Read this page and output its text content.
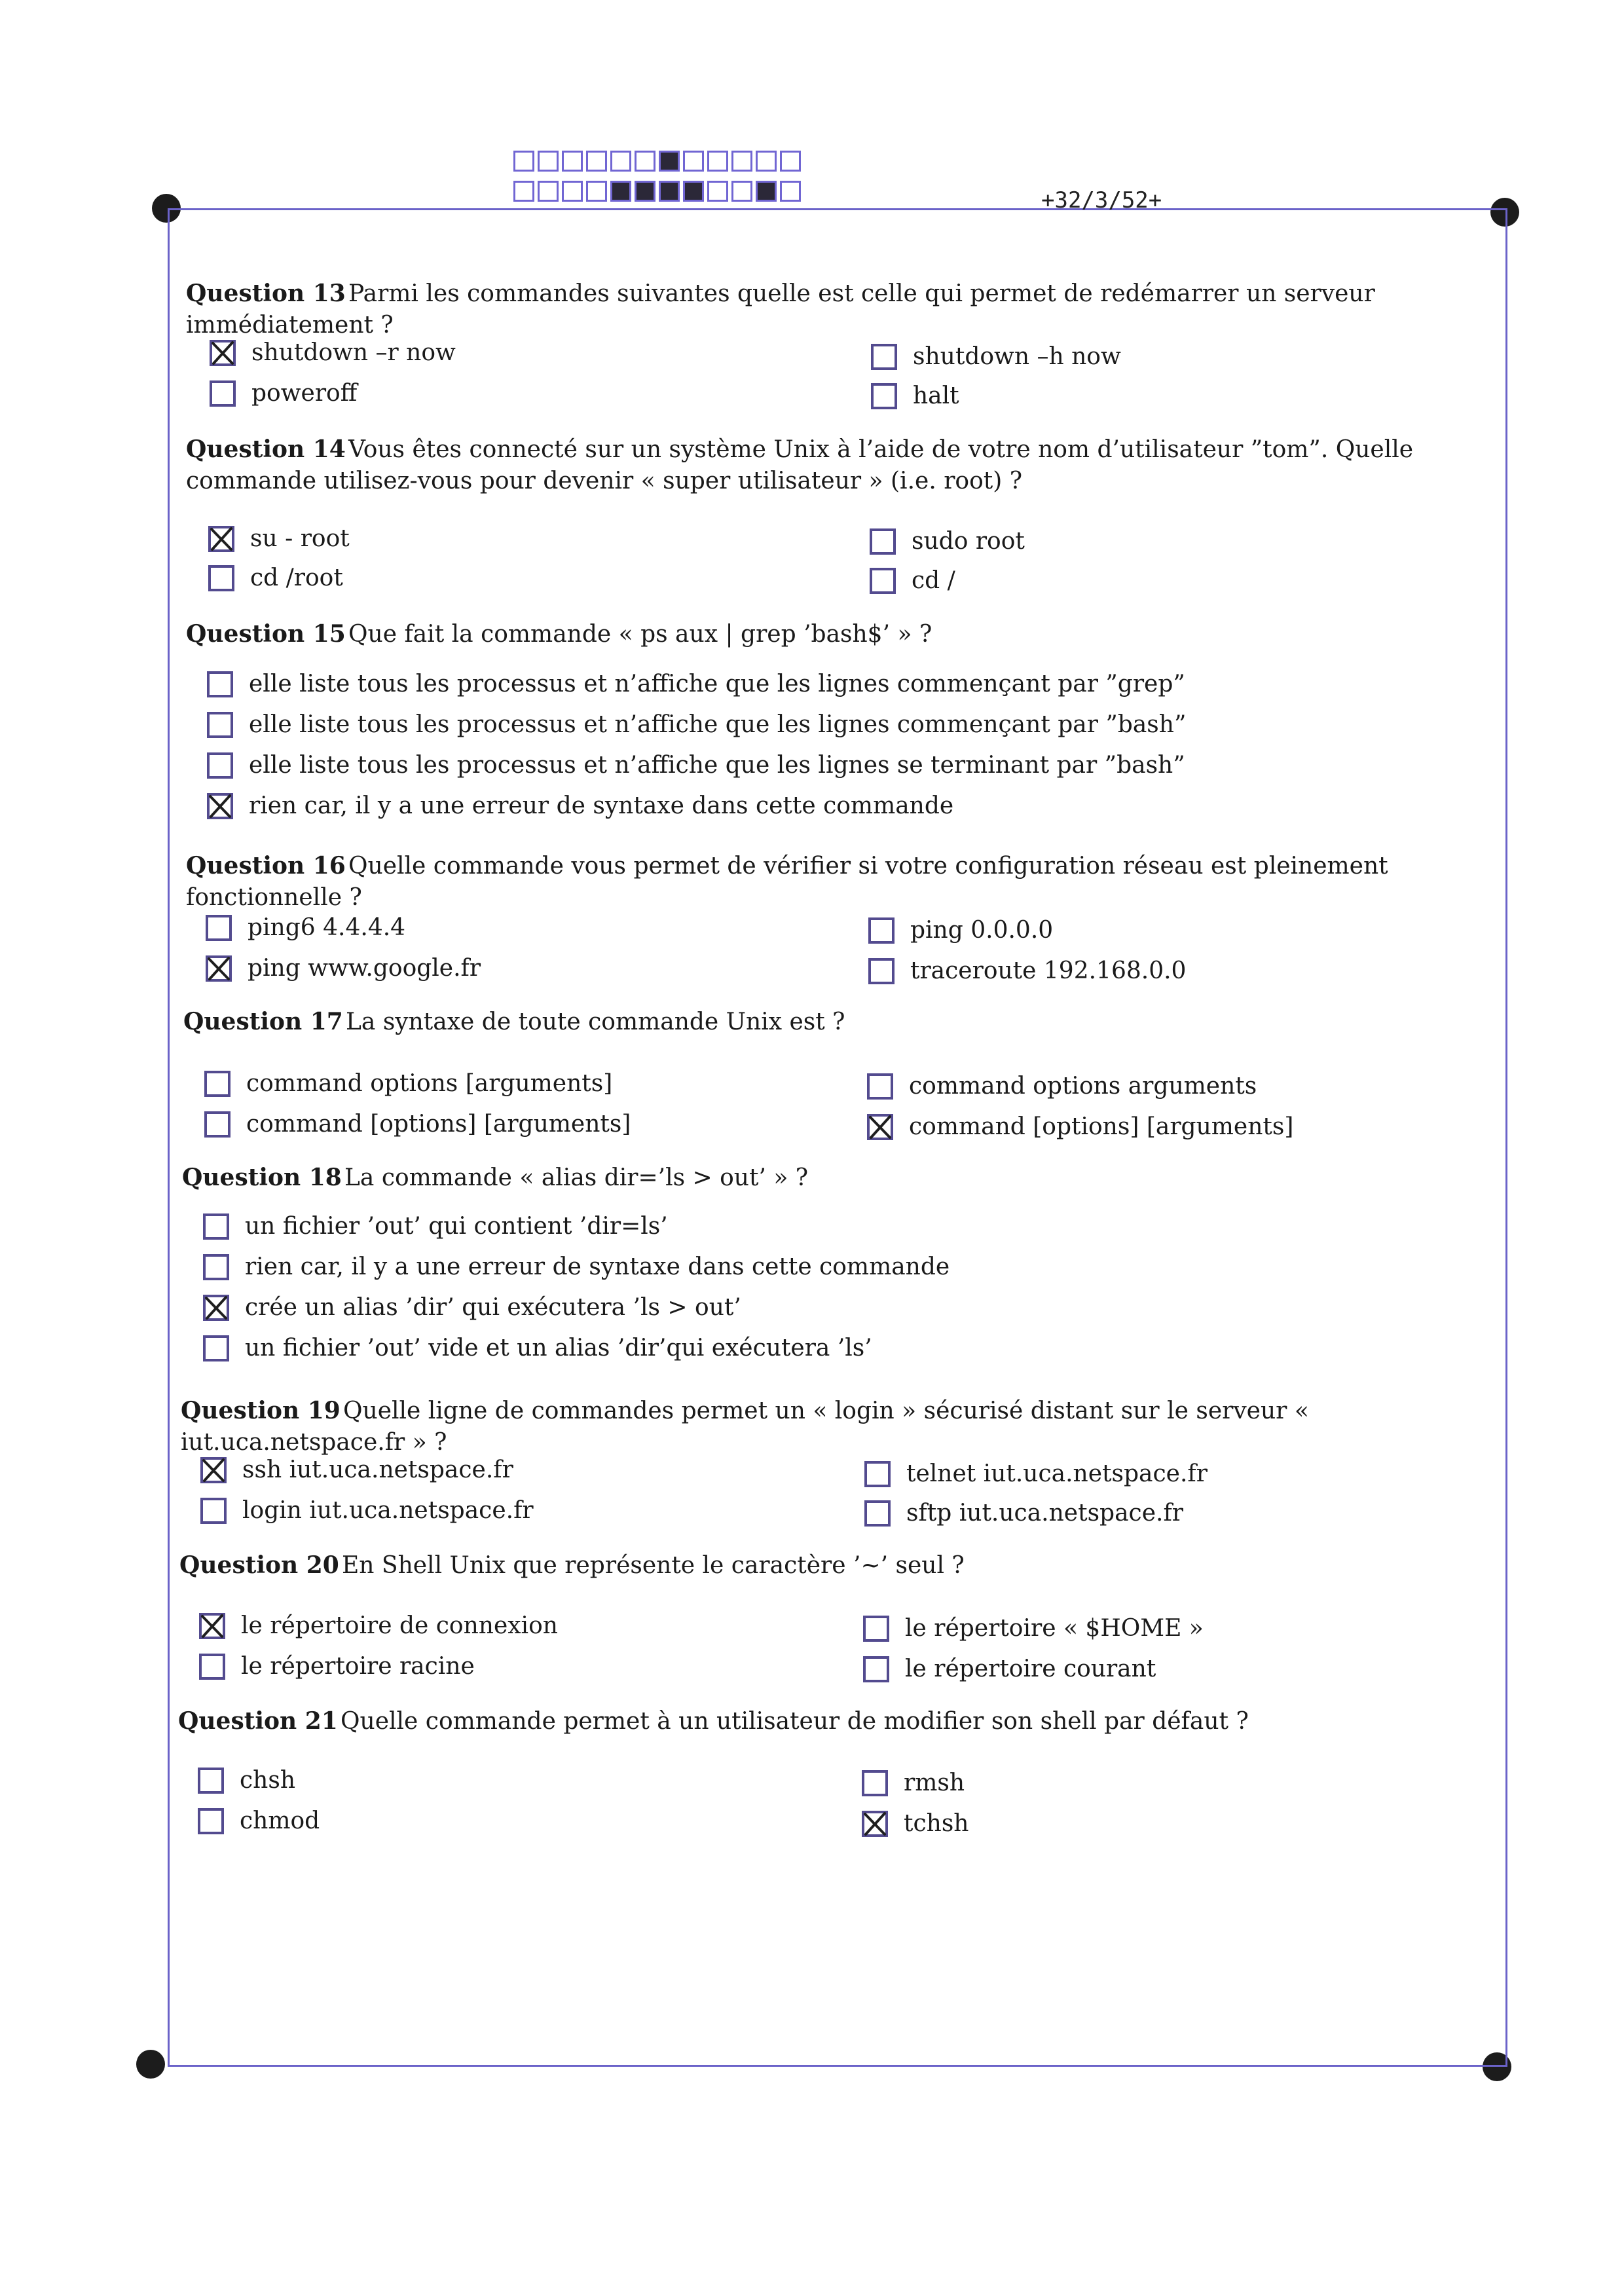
+32/3/52+
Question 13 Parmi les commandes suivantes quelle est celle qui permet de redémarrer un serveur immédiatement ?
shutdown –r now	shutdown –h now
poweroff	halt
Question 14 Vous êtes connecté sur un système Unix à l’aide de votre nom d’utilisateur ”tom”. Quelle commande utilisez-vous pour devenir « super utilisateur » (i.e. root) ?
su - root	sudo root
cd /root	cd /
Question 15 Que fait la commande « ps aux | grep ’bash$’ » ?
elle liste tous les processus et n’affiche que les lignes commençant par ”grep”
elle liste tous les processus et n’affiche que les lignes commençant par ”bash”
elle liste tous les processus et n’affiche que les lignes se terminant par ”bash”
rien car, il y a une erreur de syntaxe dans cette commande
Question 16 Quelle commande vous permet de vérifier si votre configuration réseau est pleinement fonctionnelle ?
ping6 4.4.4.4	ping 0.0.0.0
ping www.google.fr	traceroute 192.168.0.0
Question 17 La syntaxe de toute commande Unix est ?
command options [arguments]	command options arguments
command [options] [arguments]	command [options] [arguments]
Question 18 La commande « alias dir=’ls > out’ » ?
un fichier ’out’ qui contient ’dir=ls’
rien car, il y a une erreur de syntaxe dans cette commande
crée un alias ’dir’ qui exécutera ’ls > out’
un fichier ’out’ vide et un alias ’dir’qui exécutera ’ls’
Question 19 Quelle ligne de commandes permet un « login » sécurisé distant sur le serveur « iut.uca.netspace.fr » ?
ssh iut.uca.netspace.fr	telnet iut.uca.netspace.fr
login iut.uca.netspace.fr	sftp iut.uca.netspace.fr
Question 20 En Shell Unix que représente le caractère ’∼’ seul ?
le répertoire de connexion	le répertoire « $HOME »
le répertoire racine	le répertoire courant
Question 21 Quelle commande permet à un utilisateur de modifier son shell par défaut ?
chsh	rmsh
chmod	tchsh
